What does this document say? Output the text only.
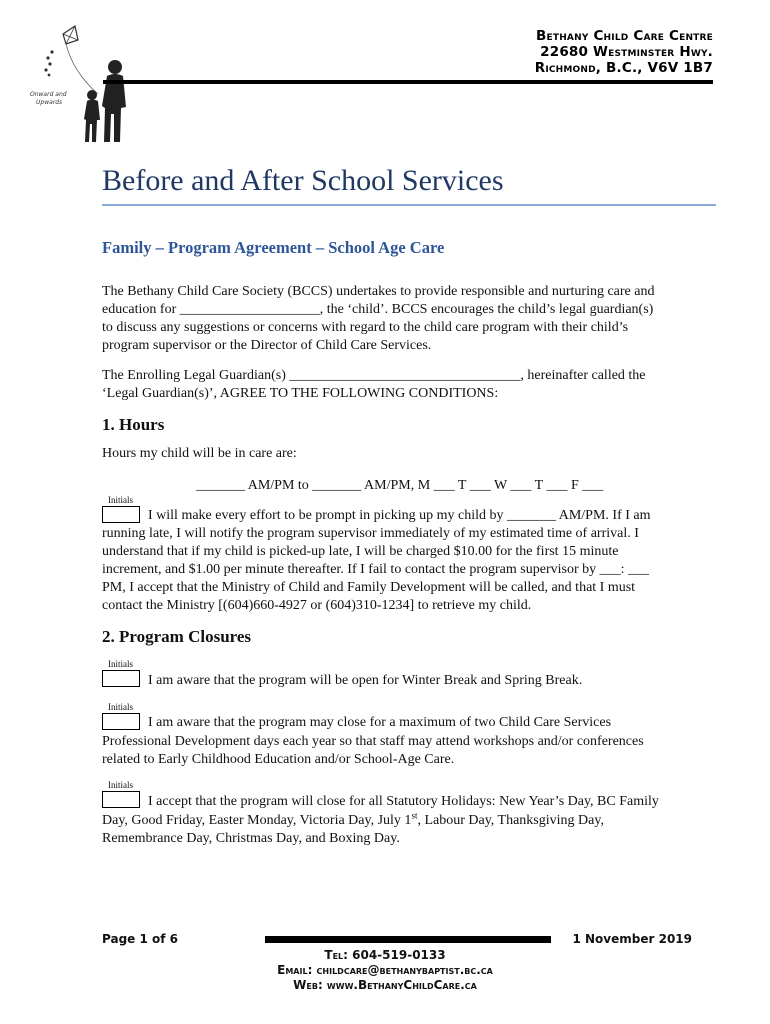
Onward and
Upwards
Bethany Child Care Centre
22680 Westminster Hwy.
Richmond, B.C., V6V 1B7
Before and After School Services
Family – Program Agreement – School Age Care
The Bethany Child Care Society (BCCS) undertakes to provide responsible and nurturing care and
education for ____________________, the ‘child’. BCCS encourages the child’s legal guardian(s)
to discuss any suggestions or concerns with regard to the child care program with their child’s
program supervisor or the Director of Child Care Services.
The Enrolling Legal Guardian(s) _________________________________, hereinafter called the
‘Legal Guardian(s)’, AGREE TO THE FOLLOWING CONDITIONS:
1. Hours
Hours my child will be in care are:
_______ AM/PM to _______ AM/PM, M ___ T ___ W ___ T ___ F ___
Initials
I will make every effort to be prompt in picking up my child by _______ AM/PM. If I am
running late, I will notify the program supervisor immediately of my estimated time of arrival. I
understand that if my child is picked-up late, I will be charged $10.00 for the first 15 minute
increment, and $1.00 per minute thereafter. If I fail to contact the program supervisor by ___: ___
PM, I accept that the Ministry of Child and Family Development will be called, and that I must
contact the Ministry [(604)660-4927 or (604)310-1234] to retrieve my child.
2. Program Closures
Initials
I am aware that the program will be open for Winter Break and Spring Break.
Initials
I am aware that the program may close for a maximum of two Child Care Services
Professional Development days each year so that staff may attend workshops and/or conferences
related to Early Childhood Education and/or School-Age Care.
Initials
I accept that the program will close for all Statutory Holidays: New Year’s Day, BC Family
Day, Good Friday, Easter Monday, Victoria Day, July 1st, Labour Day, Thanksgiving Day,
Remembrance Day, Christmas Day, and Boxing Day.
Page 1 of 6	1 November 2019
Tel: 604-519-0133
Email: childcare@bethanybaptist.bc.ca
Web: www.BethanyChildCare.ca
